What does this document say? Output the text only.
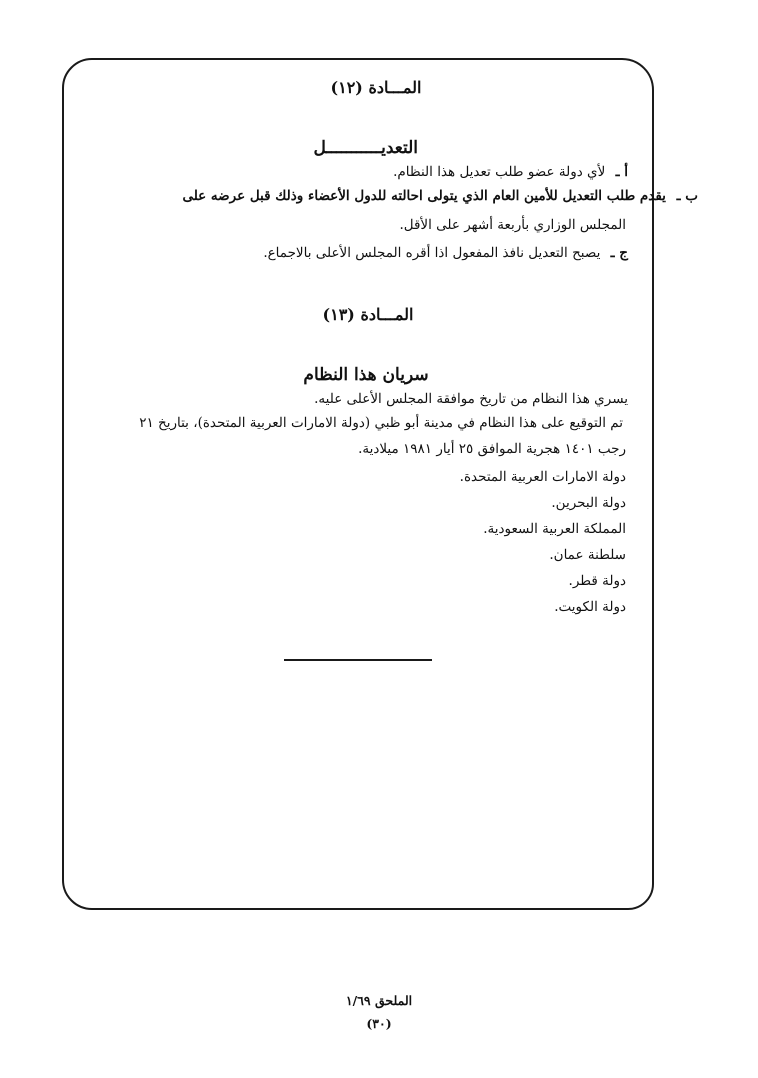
المـــادة (١٢)
التعديـــــــــــل
أ ـ لأي دولة عضو طلب تعديل هذا النظام.
ب ـ يقدم طلب التعديل للأمين العام الذي يتولى احالته للدول الأعضاء وذلك قبل عرضه على
المجلس الوزاري بأربعة أشهر على الأقل.
ج ـ يصبح التعديل نافذ المفعول اذا أقره المجلس الأعلى بالاجماع.
المـــادة (١٣)
سريان هذا النظام
يسري هذا النظام من تاريخ موافقة المجلس الأعلى عليه.
تم التوقيع على هذا النظام في مدينة أبو ظبي (دولة الامارات العربية المتحدة)، بتاريخ ٢١
رجب ١٤٠١ هجرية الموافق ٢٥ أيار ١٩٨١ ميلادية.
دولة الامارات العربية المتحدة.
دولة البحرين.
المملكة العربية السعودية.
سلطنة عمان.
دولة قطر.
دولة الكويت.
الملحق ١/٦٩
(٣٠)
